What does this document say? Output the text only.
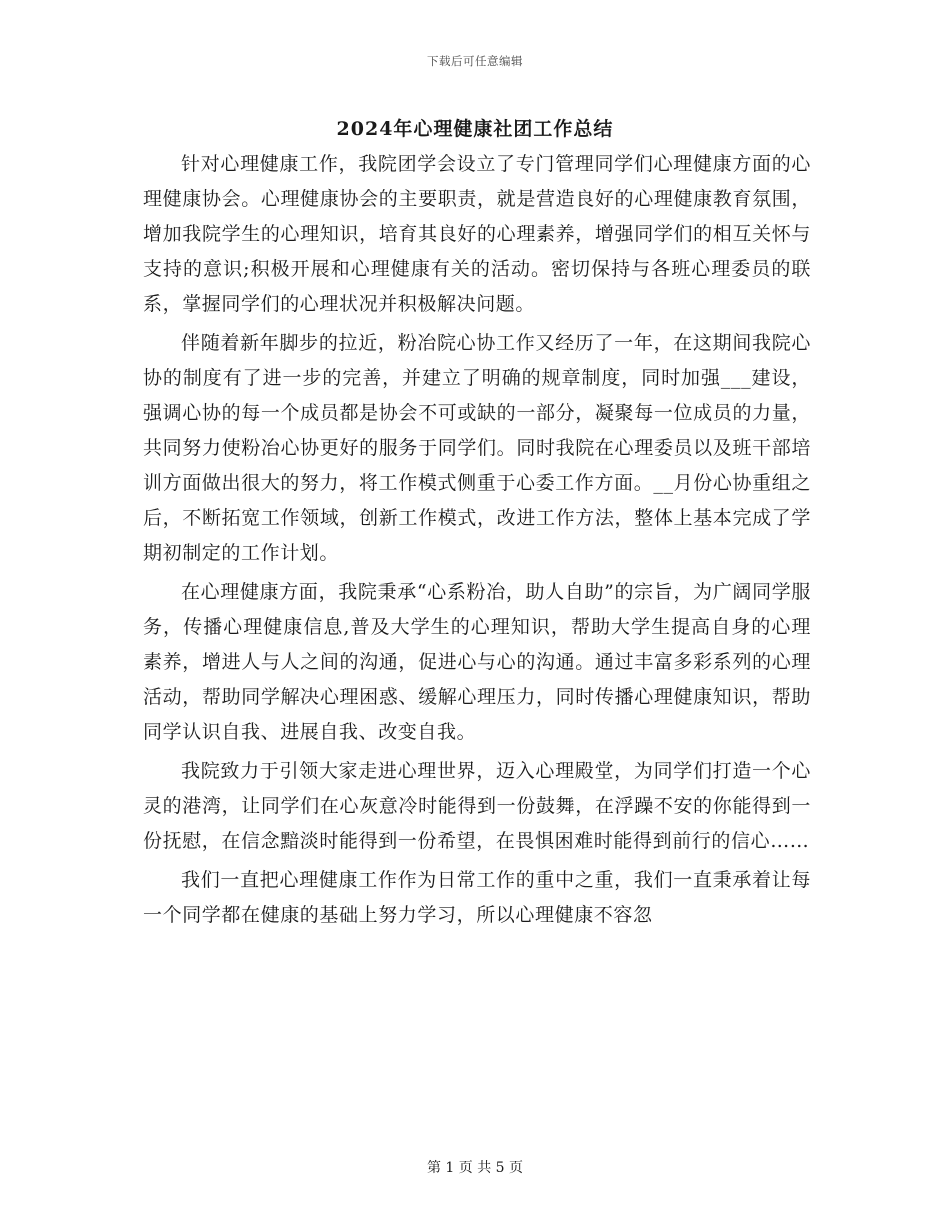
下载后可任意编辑
2024年心理健康社团工作总结

针对心理健康工作，我院团学会设立了专门管理同学们心理健康方面的心理健康协会。心理健康协会的主要职责，就是营造良好的心理健康教育氛围，增加我院学生的心理知识，培育其良好的心理素养，增强同学们的相互关怀与支持的意识;积极开展和心理健康有关的活动。密切保持与各班心理委员的联系，掌握同学们的心理状况并积极解决问题。

伴随着新年脚步的拉近，粉冶院心协工作又经历了一年，在这期间我院心协的制度有了进一步的完善，并建立了明确的规章制度，同时加强___建设，强调心协的每一个成员都是协会不可或缺的一部分，凝聚每一位成员的力量，共同努力使粉冶心协更好的服务于同学们。同时我院在心理委员以及班干部培训方面做出很大的努力，将工作模式侧重于心委工作方面。__月份心协重组之后，不断拓宽工作领域，创新工作模式，改进工作方法，整体上基本完成了学期初制定的工作计划。

在心理健康方面，我院秉承“心系粉冶，助人自助”的宗旨，为广阔同学服务，传播心理健康信息,普及大学生的心理知识，帮助大学生提高自身的心理素养，增进人与人之间的沟通，促进心与心的沟通。通过丰富多彩系列的心理活动，帮助同学解决心理困惑、缓解心理压力，同时传播心理健康知识，帮助同学认识自我、进展自我、改变自我。

我院致力于引领大家走进心理世界，迈入心理殿堂，为同学们打造一个心灵的港湾，让同学们在心灰意冷时能得到一份鼓舞，在浮躁不安的你能得到一份抚慰，在信念黯淡时能得到一份希望，在畏惧困难时能得到前行的信心……

我们一直把心理健康工作作为日常工作的重中之重，我们一直秉承着让每一个同学都在健康的基础上努力学习，所以心理健康不容忽

第 1 页 共 5 页
